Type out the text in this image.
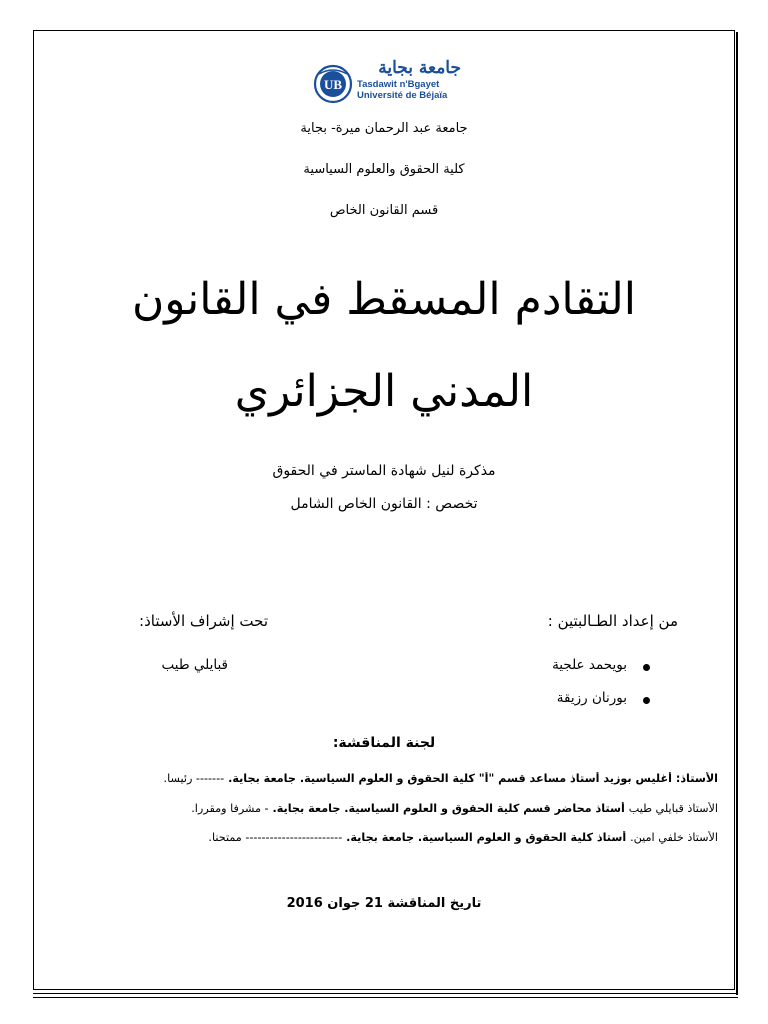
UB
جامعة بجاية
Tasdawit n'Bgayet
Université de Béjaïa
جامعة عبد الرحمان ميرة- بجاية
كلية الحقوق والعلوم السياسية
قسم القانون الخاص
التقادم المسقط في القانون
المدني الجزائري
مذكرة لنيل شهادة الماستر في الحقوق
تخصص : القانون الخاص الشامل
من إعداد الطـالبتين :
بويحمد علجية
بورنان رزيقة
تحت إشراف الأستاذ:
قبايلي طيب
لجنة المناقشة:
الأستاذ: أغليس بوزيد أستاذ مساعد قسم "أ" كلية الحقوق و العلوم السياسية. جامعة بجاية. ------- رئيسا.
الأستاذ قبايلي طيب أستاذ محاضر قسم كلية الحقوق و العلوم السياسية. جامعة بجاية. - مشرفا ومقررا.
الأستاذ خلفي امين. أستاذ كلية الحقوق و العلوم السياسية. جامعة بجاية. ------------------------ ممتحنا.
تاريخ المناقشة 21 جوان 2016
